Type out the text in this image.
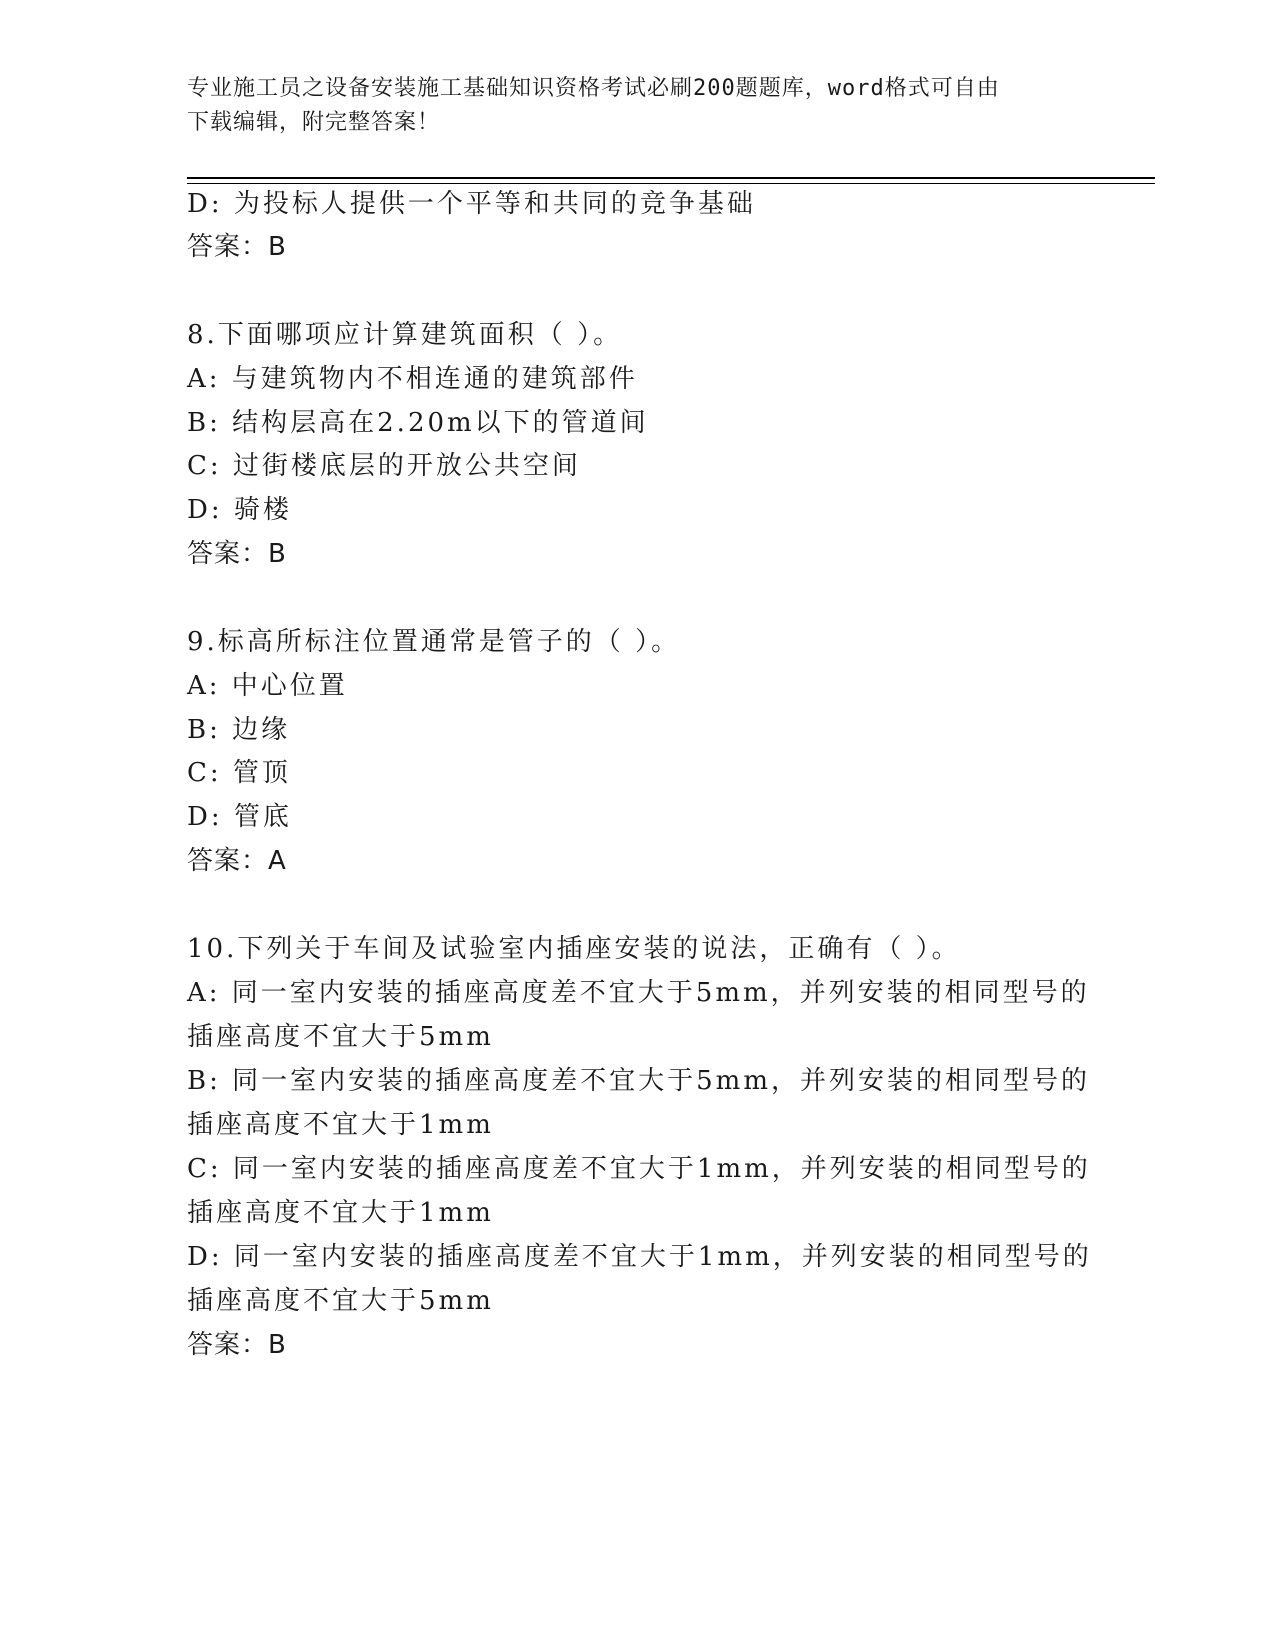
专业施工员之设备安装施工基础知识资格考试必刷200题题库，word格式可自由
下载编辑，附完整答案！
D: 为投标人提供一个平等和共同的竞争基础
答案：B
8.下面哪项应计算建筑面积（ ）。
A: 与建筑物内不相连通的建筑部件
B: 结构层高在2.20m以下的管道间
C: 过街楼底层的开放公共空间
D: 骑楼
答案：B
9.标高所标注位置通常是管子的（ ）。
A: 中心位置
B: 边缘
C: 管顶
D: 管底
答案：A
10.下列关于车间及试验室内插座安装的说法，正确有（ ）。
A: 同一室内安装的插座高度差不宜大于5mm，并列安装的相同型号的
插座高度不宜大于5mm
B: 同一室内安装的插座高度差不宜大于5mm，并列安装的相同型号的
插座高度不宜大于1mm
C: 同一室内安装的插座高度差不宜大于1mm，并列安装的相同型号的
插座高度不宜大于1mm
D: 同一室内安装的插座高度差不宜大于1mm，并列安装的相同型号的
插座高度不宜大于5mm
答案：B
